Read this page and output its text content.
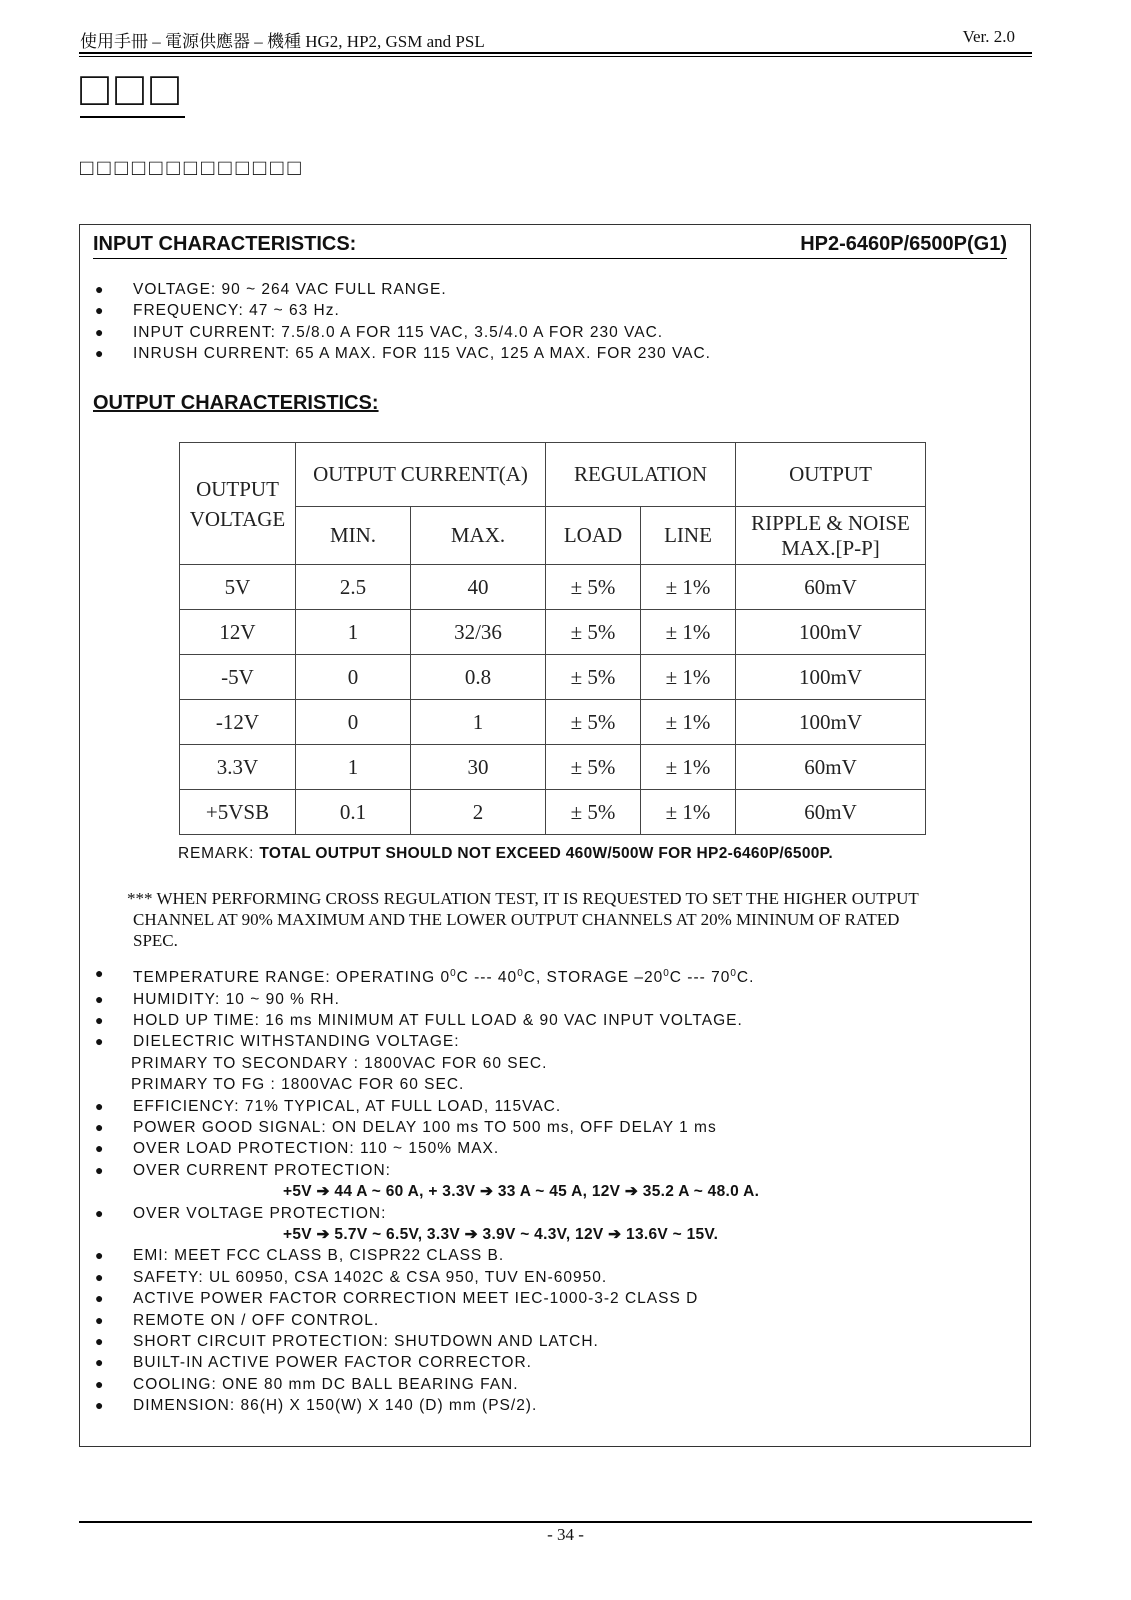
使用手冊 – 電源供應器 – 機種 HG2, HP2, GSM and PSL	Ver. 2.0
□□□
□□□□□□□□□□□□□
INPUT CHARACTERISTICS:	HP2-6460P/6500P(G1)
● VOLTAGE: 90 ~ 264 VAC FULL RANGE.
● FREQUENCY: 47 ~ 63 Hz.
● INPUT CURRENT: 7.5/8.0 A FOR 115 VAC, 3.5/4.0 A FOR 230 VAC.
● INRUSH CURRENT: 65 A MAX. FOR 115 VAC, 125 A MAX. FOR 230 VAC.
OUTPUT CHARACTERISTICS:
OUTPUT VOLTAGE	OUTPUT CURRENT(A)		REGULATION		OUTPUT
	MIN.	MAX.	LOAD	LINE	RIPPLE & NOISE MAX.[P-P]
5V	2.5	40	± 5%	± 1%	60mV
12V	1	32/36	± 5%	± 1%	100mV
-5V	0	0.8	± 5%	± 1%	100mV
-12V	0	1	± 5%	± 1%	100mV
3.3V	1	30	± 5%	± 1%	60mV
+5VSB	0.1	2	± 5%	± 1%	60mV
REMARK: TOTAL OUTPUT SHOULD NOT EXCEED 460W/500W FOR HP2-6460P/6500P.
*** WHEN PERFORMING CROSS REGULATION TEST, IT IS REQUESTED TO SET THE HIGHER OUTPUT
CHANNEL AT 90% MAXIMUM AND THE LOWER OUTPUT CHANNELS AT 20% MININUM OF RATED
SPEC.
● TEMPERATURE RANGE: OPERATING $0^0C$ --- $40^0C$, STORAGE $-20^0C$ --- $70^0C$.
● HUMIDITY: 10 ~ 90 % RH.
● HOLD UP TIME: 16 ms MINIMUM AT FULL LOAD & 90 VAC INPUT VOLTAGE.
● DIELECTRIC WITHSTANDING VOLTAGE:
PRIMARY TO SECONDARY : 1800VAC FOR 60 SEC.
PRIMARY TO FG : 1800VAC FOR 60 SEC.
● EFFICIENCY: 71% TYPICAL, AT FULL LOAD, 115VAC.
● POWER GOOD SIGNAL: ON DELAY 100 ms TO 500 ms, OFF DELAY 1 ms
● OVER LOAD PROTECTION: 110 ~ 150% MAX.
● OVER CURRENT PROTECTION:
+5V ➔ 44 A ~ 60 A, + 3.3V ➔ 33 A ~ 45 A, 12V ➔ 35.2 A ~ 48.0 A.
● OVER VOLTAGE PROTECTION:
+5V ➔ 5.7V ~ 6.5V, 3.3V ➔ 3.9V ~ 4.3V, 12V ➔ 13.6V ~ 15V.
● EMI: MEET FCC CLASS B, CISPR22 CLASS B.
● SAFETY: UL 60950, CSA 1402C & CSA 950, TUV EN-60950.
● ACTIVE POWER FACTOR CORRECTION MEET IEC-1000-3-2 CLASS D
● REMOTE ON / OFF CONTROL.
● SHORT CIRCUIT PROTECTION: SHUTDOWN AND LATCH.
● BUILT-IN ACTIVE POWER FACTOR CORRECTOR.
● COOLING: ONE 80 mm DC BALL BEARING FAN.
● DIMENSION: 86(H) X 150(W) X 140 (D) mm (PS/2).
- 34 -
